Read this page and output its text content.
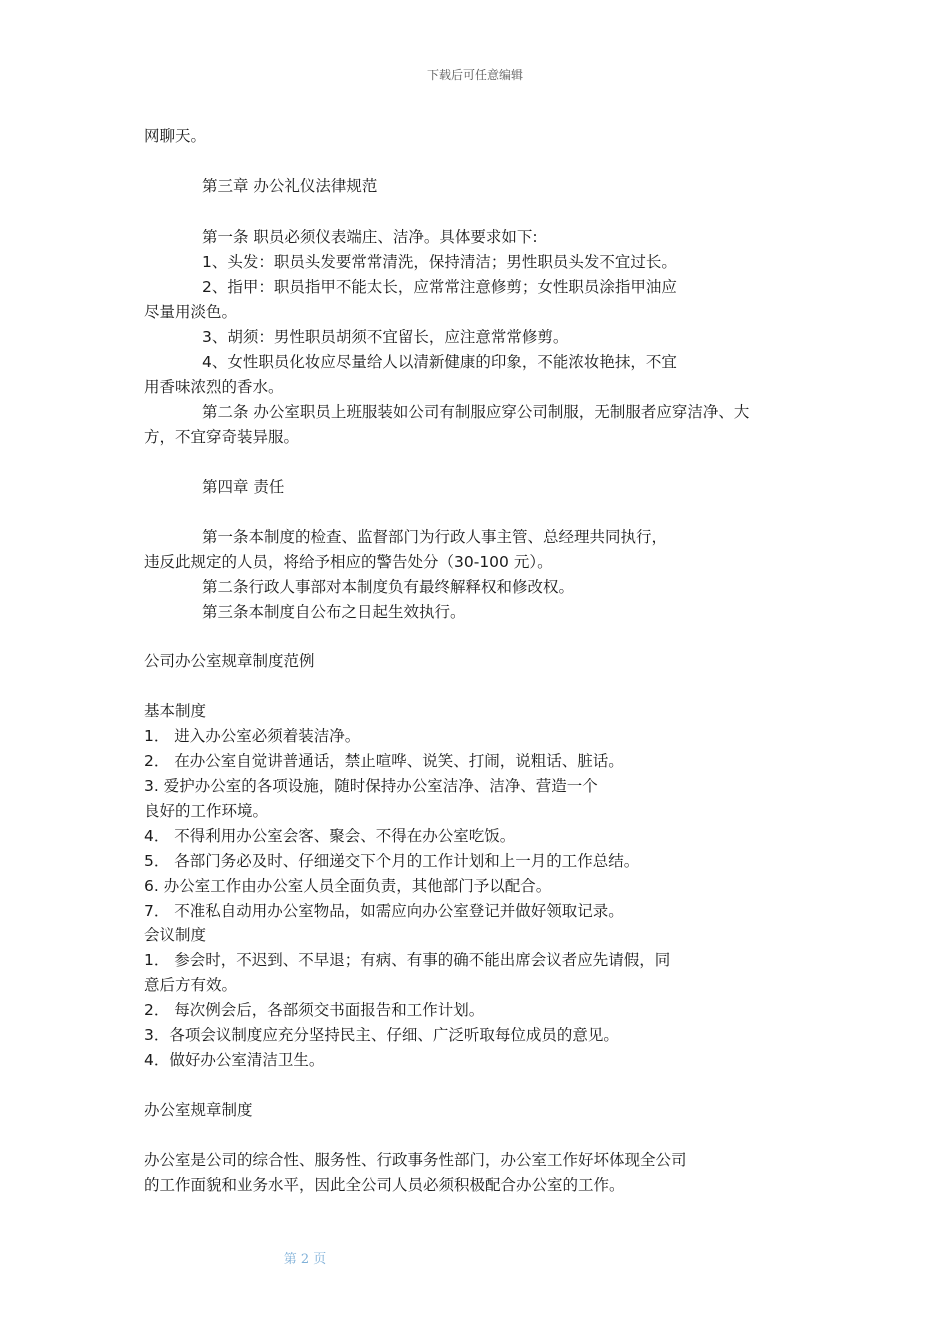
下载后可任意编辑
网聊天。
第三章 办公礼仪法律规范
第一条 职员必须仪表端庄、洁净。具体要求如下:
1、头发：职员头发要常常清洗，保持清洁；男性职员头发不宜过长。
2、指甲：职员指甲不能太长，应常常注意修剪；女性职员涂指甲油应
尽量用淡色。
3、胡须：男性职员胡须不宜留长，应注意常常修剪。
4、女性职员化妆应尽量给人以清新健康的印象，不能浓妆艳抹，不宜
用香味浓烈的香水。
第二条 办公室职员上班服装如公司有制服应穿公司制服，无制服者应穿洁净、大
方，不宜穿奇装异服。
第四章 责任
第一条本制度的检查、监督部门为行政人事主管、总经理共同执行，
违反此规定的人员，将给予相应的警告处分（30-100 元）。
第二条行政人事部对本制度负有最终解释权和修改权。
第三条本制度自公布之日起生效执行。
公司办公室规章制度范例
基本制度
1． 进入办公室必须着装洁净。
2． 在办公室自觉讲普通话，禁止喧哗、说笑、打闹，说粗话、脏话。
3. 爱护办公室的各项设施，随时保持办公室洁净、洁净、营造一个
良好的工作环境。
4． 不得利用办公室会客、聚会、不得在办公室吃饭。
5． 各部门务必及时、仔细递交下个月的工作计划和上一月的工作总结。
6. 办公室工作由办公室人员全面负责，其他部门予以配合。
7． 不准私自动用办公室物品，如需应向办公室登记并做好领取记录。
会议制度
1． 参会时，不迟到、不早退；有病、有事的确不能出席会议者应先请假，同
意后方有效。
2． 每次例会后，各部须交书面报告和工作计划。
3．各项会议制度应充分坚持民主、仔细、广泛听取每位成员的意见。
4．做好办公室清洁卫生。
办公室规章制度
办公室是公司的综合性、服务性、行政事务性部门，办公室工作好坏体现全公司
的工作面貌和业务水平，因此全公司人员必须积极配合办公室的工作。
第 2 页
